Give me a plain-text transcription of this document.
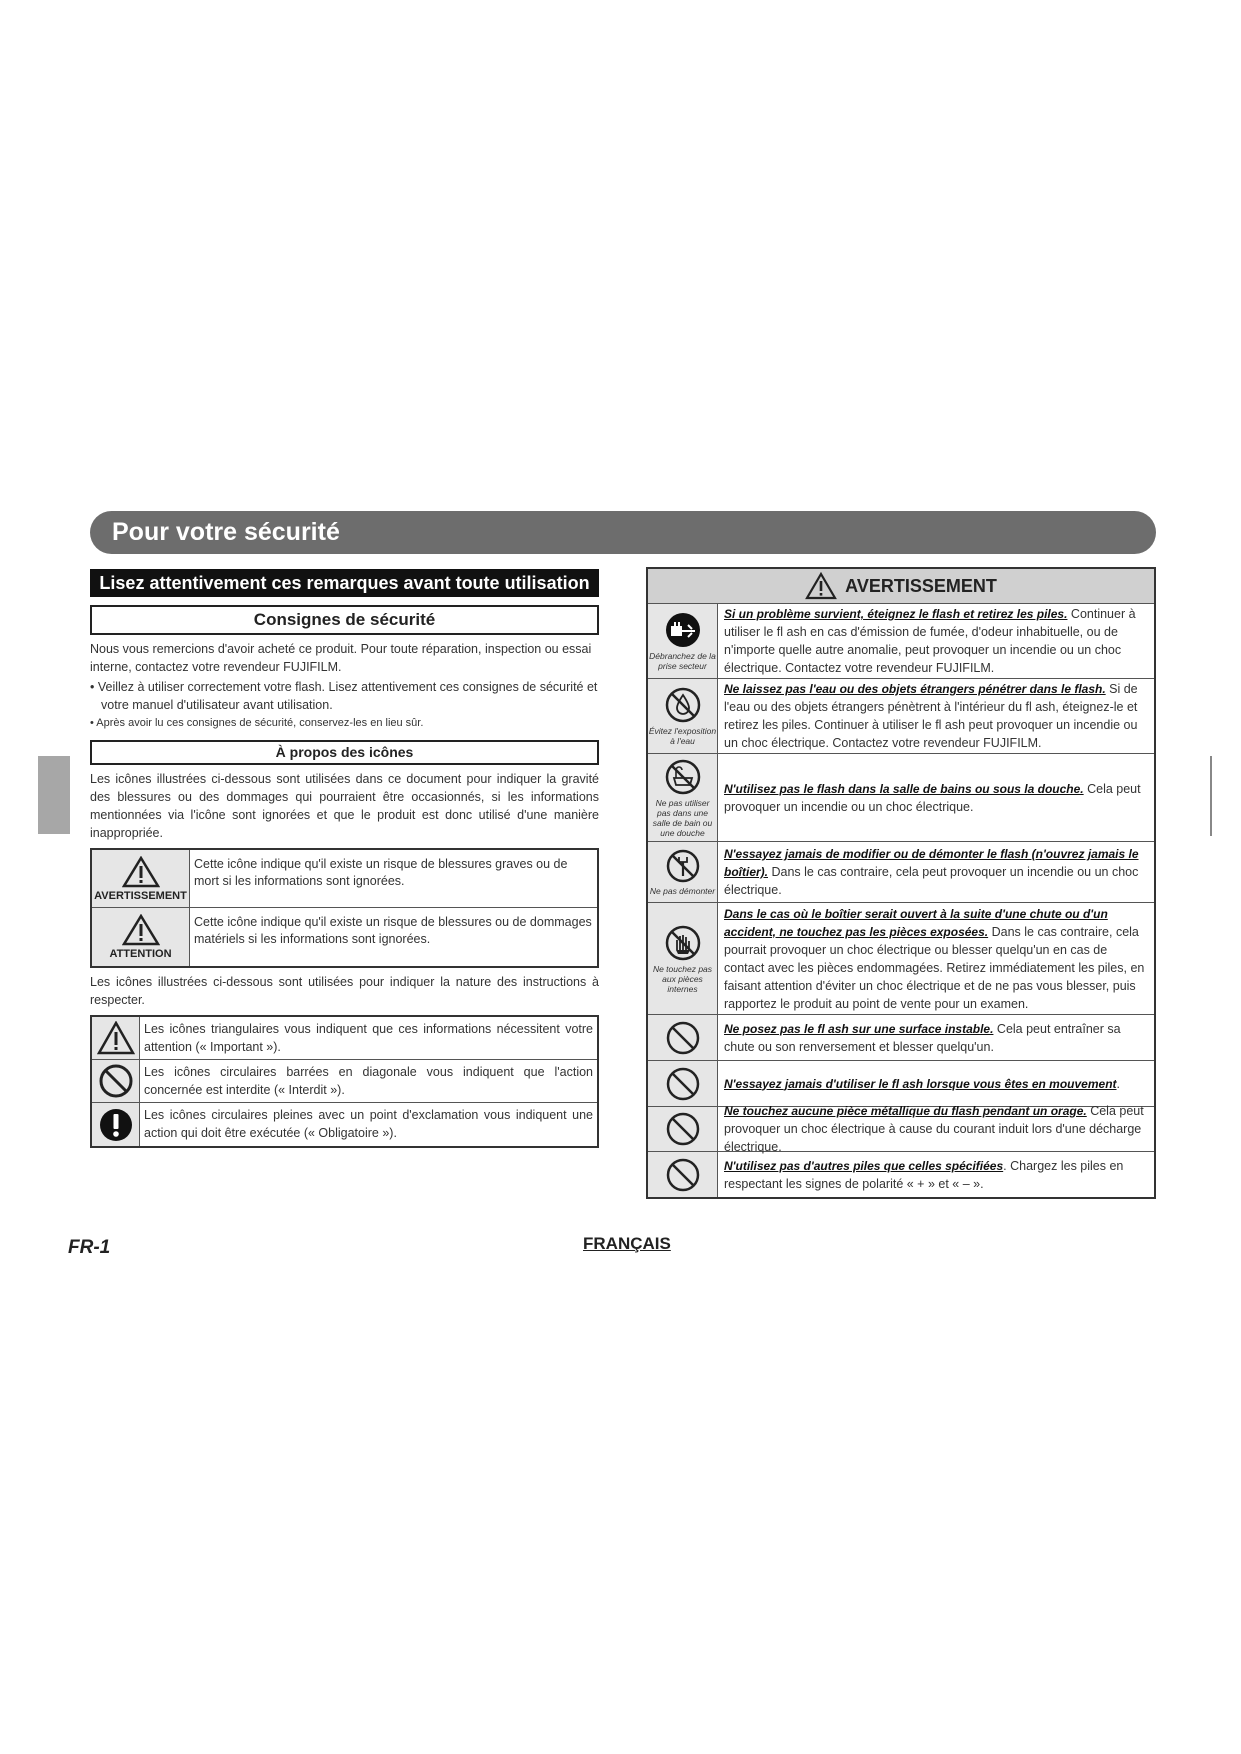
Pour votre sécurité
Lisez attentivement ces remarques avant toute utilisation
Consignes de sécurité

Nous vous remercions d'avoir acheté ce produit. Pour toute réparation, inspection ou essai interne, contactez votre revendeur FUJIFILM.

• Veillez à utiliser correctement votre flash. Lisez attentivement ces consignes de sécurité et votre manuel d'utilisateur avant utilisation.
• Après avoir lu ces consignes de sécurité, conservez-les en lieu sûr.
À propos des icônes

Les icônes illustrées ci-dessous sont utilisées dans ce document pour indiquer la gravité des blessures ou des dommages qui pourraient être occasionnés, si les informations mentionnées via l'icône sont ignorées et que le produit est donc utilisé d'une manière inappropriée.

AVERTISSEMENT
Cette icône indique qu'il existe un risque de blessures graves ou de mort si les informations sont ignorées.
ATTENTION
Cette icône indique qu'il existe un risque de blessures ou de dommages matériels si les informations sont ignorées.

Les icônes illustrées ci-dessous sont utilisées pour indiquer la nature des instructions à respecter.

Les icônes triangulaires vous indiquent que ces informations nécessitent votre attention (« Important »).
Les icônes circulaires barrées en diagonale vous indiquent que l'action concernée est interdite (« Interdit »).
Les icônes circulaires pleines avec un point d'exclamation vous indiquent une action qui doit être exécutée (« Obligatoire »).
AVERTISSEMENT
Débranchez de la prise secteur

Si un problème survient, éteignez le flash et retirez les piles. Continuer à utiliser le fl ash en cas d'émission de fumée, d'odeur inhabituelle, ou de n'importe quelle autre anomalie, peut provoquer un incendie ou un choc électrique. Contactez votre revendeur FUJIFILM.

Évitez l'exposition à l'eau

Ne laissez pas l'eau ou des objets étrangers pénétrer dans le flash. Si de l'eau ou des objets étrangers pénètrent à l'intérieur du fl ash, éteignez-le et retirez les piles. Continuer à utiliser le fl ash peut provoquer un incendie ou un choc électrique. Contactez votre revendeur FUJIFILM.

Ne pas utiliser pas dans une salle de bain ou une douche

N'utilisez pas le flash dans la salle de bains ou sous la douche. Cela peut provoquer un incendie ou un choc électrique.

Ne pas démonter

N'essayez jamais de modifier ou de démonter le flash (n'ouvrez jamais le boîtier). Dans le cas contraire, cela peut provoquer un incendie ou un choc électrique.

Ne touchez pas aux pièces internes

Dans le cas où le boîtier serait ouvert à la suite d'une chute ou d'un accident, ne touchez pas les pièces exposées. Dans le cas contraire, cela pourrait provoquer un choc électrique ou blesser quelqu'un en cas de contact avec les pièces endommagées. Retirez immédiatement les piles, en faisant attention d'éviter un choc électrique et de ne pas vous blesser, puis rapportez le produit au point de vente pour un examen.

Ne posez pas le fl ash sur une surface instable. Cela peut entraîner sa chute ou son renversement et blesser quelqu'un.

N'essayez jamais d'utiliser le fl ash lorsque vous êtes en mouvement.

Ne touchez aucune pièce métallique du flash pendant un orage. Cela peut provoquer un choc électrique à cause du courant induit lors d'une décharge électrique.

N'utilisez pas d'autres piles que celles spécifiées. Chargez les piles en respectant les signes de polarité « + » et « – ».

FR-1	FRANÇAIS
